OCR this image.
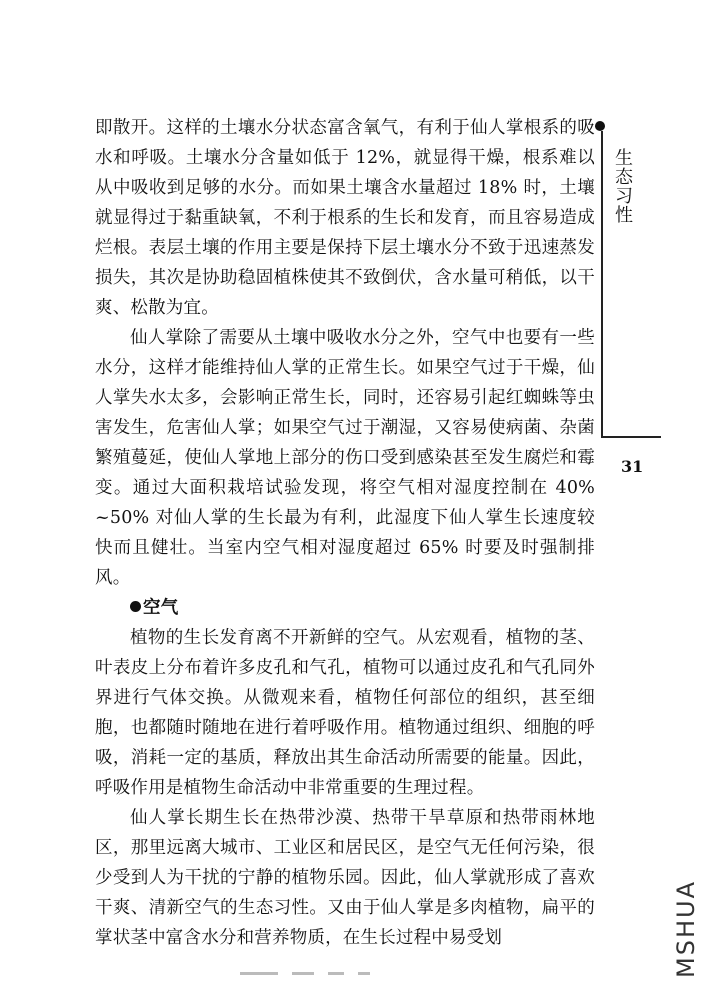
即散开。这样的土壤水分状态富含氧气，有利于仙人掌根系的吸水和呼吸。土壤水分含量如低于 12%，就显得干燥，根系难以从中吸收到足够的水分。而如果土壤含水量超过 18% 时，土壤就显得过于黏重缺氧，不利于根系的生长和发育，而且容易造成烂根。表层土壤的作用主要是保持下层土壤水分不致于迅速蒸发损失，其次是协助稳固植株使其不致倒伏，含水量可稍低，以干爽、松散为宜。

仙人掌除了需要从土壤中吸收水分之外，空气中也要有一些水分，这样才能维持仙人掌的正常生长。如果空气过于干燥，仙人掌失水太多，会影响正常生长，同时，还容易引起红蜘蛛等虫害发生，危害仙人掌；如果空气过于潮湿，又容易使病菌、杂菌繁殖蔓延，使仙人掌地上部分的伤口受到感染甚至发生腐烂和霉变。通过大面积栽培试验发现，将空气相对湿度控制在 40% ~50% 对仙人掌的生长最为有利，此湿度下仙人掌生长速度较快而且健壮。当室内空气相对湿度超过 65% 时要及时强制排风。

空气

植物的生长发育离不开新鲜的空气。从宏观看，植物的茎、叶表皮上分布着许多皮孔和气孔，植物可以通过皮孔和气孔同外界进行气体交换。从微观来看，植物任何部位的组织，甚至细胞，也都随时随地在进行着呼吸作用。植物通过组织、细胞的呼吸，消耗一定的基质，释放出其生命活动所需要的能量。因此，呼吸作用是植物生命活动中非常重要的生理过程。

仙人掌长期生长在热带沙漠、热带干旱草原和热带雨林地区，那里远离大城市、工业区和居民区，是空气无任何污染，很少受到人为干扰的宁静的植物乐园。因此，仙人掌就形成了喜欢干爽、清新空气的生态习性。又由于仙人掌是多肉植物，扁平的掌状茎中富含水分和营养物质，在生长过程中易受划

生态习性
31
MSHUA
